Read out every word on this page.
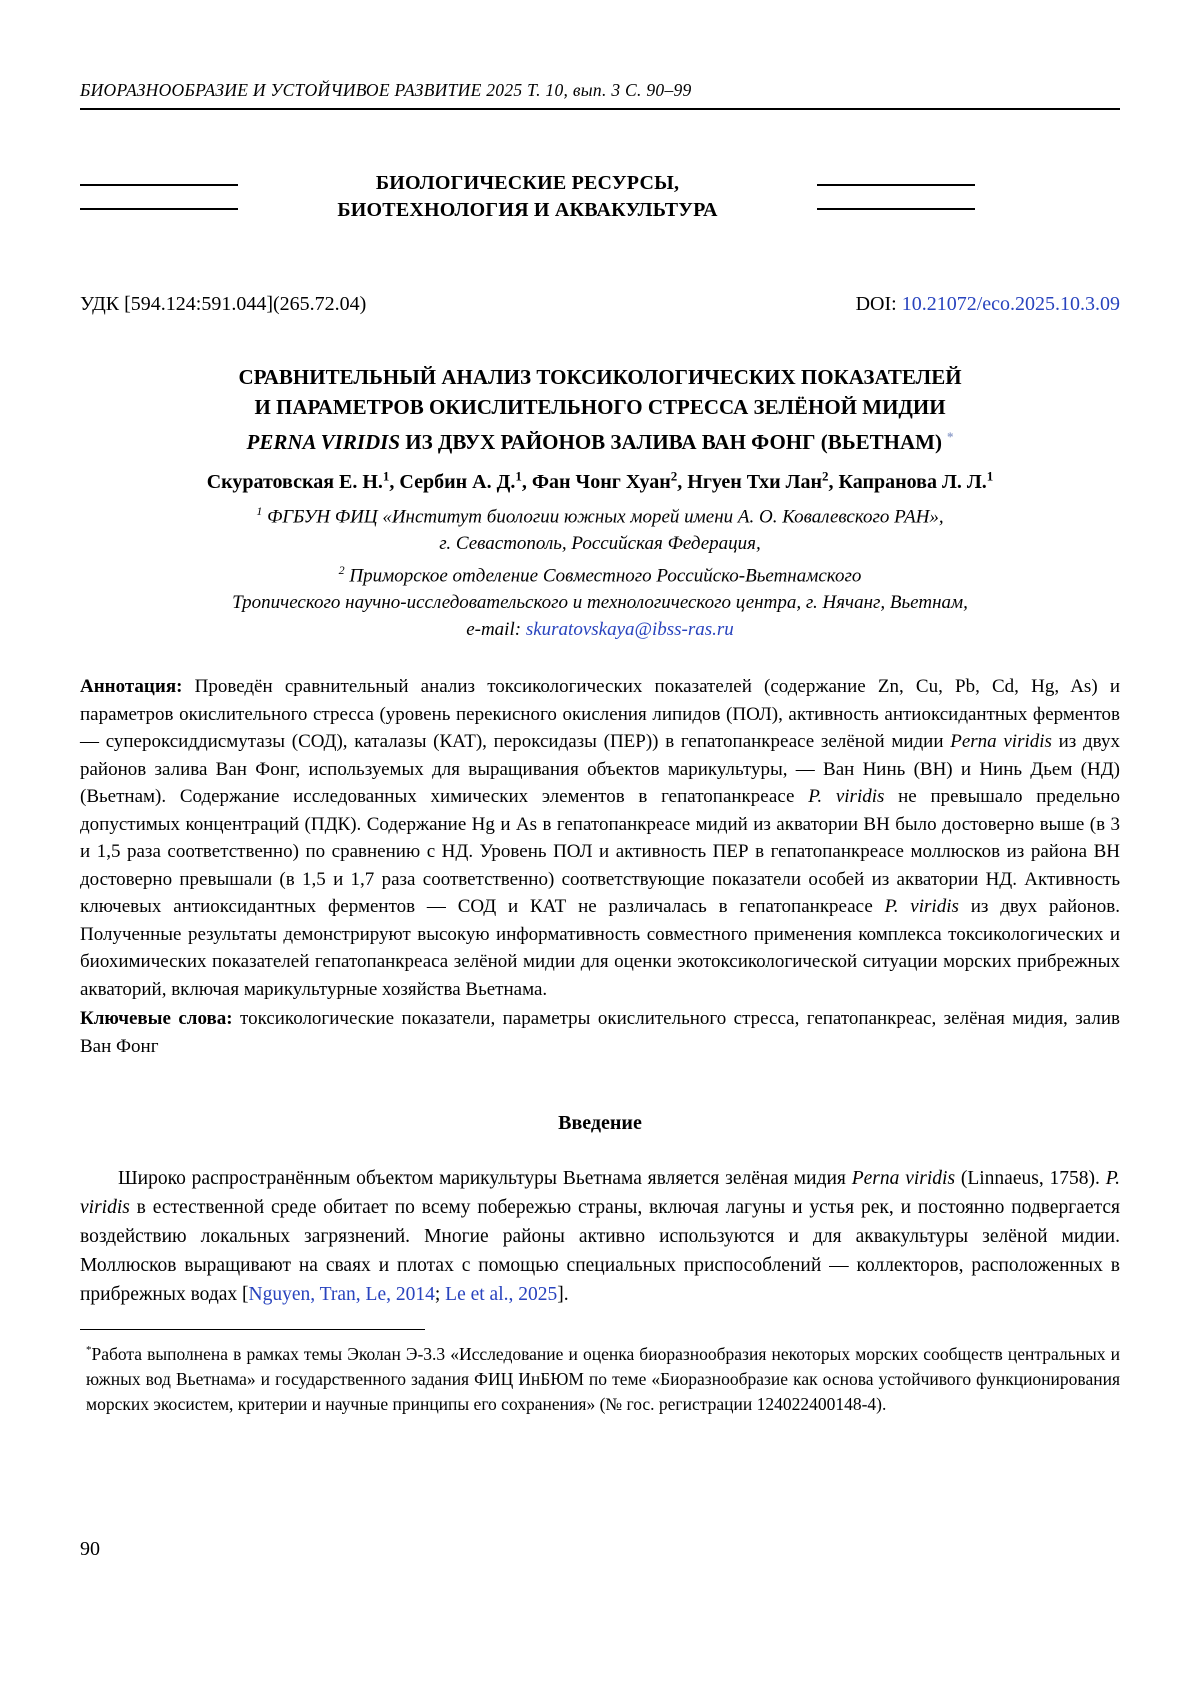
БИОРАЗНООБРАЗИЕ И УСТОЙЧИВОЕ РАЗВИТИЕ 2025 Т. 10, вып. 3 С. 90–99
БИОЛОГИЧЕСКИЕ РЕСУРСЫ,
БИОТЕХНОЛОГИЯ И АКВАКУЛЬТУРА
УДК [594.124:591.044](265.72.04)	DOI: 10.21072/eco.2025.10.3.09
СРАВНИТЕЛЬНЫЙ АНАЛИЗ ТОКСИКОЛОГИЧЕСКИХ ПОКАЗАТЕЛЕЙ
И ПАРАМЕТРОВ ОКИСЛИТЕЛЬНОГО СТРЕССА ЗЕЛЁНОЙ МИДИИ
PERNA VIRIDIS ИЗ ДВУХ РАЙОНОВ ЗАЛИВА ВАН ФОНГ (ВЬЕТНАМ) *
Скуратовская Е. Н.$^1$, Сербин А. Д.$^1$, Фан Чонг Хуан$^2$, Нгуен Тхи Лан$^2$, Капранова Л. Л.$^1$
$^1$ ФГБУН ФИЦ «Институт биологии южных морей имени А. О. Ковалевского РАН»,
г. Севастополь, Российская Федерация,
$^2$ Приморское отделение Совместного Российско-Вьетнамского
Тропического научно-исследовательского и технологического центра, г. Нячанг, Вьетнам,
e-mail: skuratovskaya@ibss-ras.ru

Аннотация: Проведён сравнительный анализ токсикологических показателей (содержание Zn, Cu, Pb, Cd, Hg, As) и параметров окислительного стресса (уровень перекисного окисления липидов (ПОЛ), активность антиоксидантных ферментов — супероксиддисмутазы (СОД), каталазы (КАТ), пероксидазы (ПЕР)) в гепатопанкреасе зелёной мидии Perna viridis из двух районов залива Ван Фонг, используемых для выращивания объектов марикультуры, — Ван Нинь (ВН) и Нинь Дьем (НД) (Вьетнам). Содержание исследованных химических элементов в гепатопанкреасе P. viridis не превышало предельно допустимых концентраций (ПДК). Содержание Hg и As в гепатопанкреасе мидий из акватории ВН было достоверно выше (в 3 и 1,5 раза соответственно) по сравнению с НД. Уровень ПОЛ и активность ПЕР в гепатопанкреасе моллюсков из района ВН достоверно превышали (в 1,5 и 1,7 раза соответственно) соответствующие показатели особей из акватории НД. Активность ключевых антиоксидантных ферментов — СОД и КАТ не различалась в гепатопанкреасе P. viridis из двух районов. Полученные результаты демонстрируют высокую информативность совместного применения комплекса токсикологических и биохимических показателей гепатопанкреаса зелёной мидии для оценки экотоксикологической ситуации морских прибрежных акваторий, включая марикультурные хозяйства Вьетнама.

Ключевые слова: токсикологические показатели, параметры окислительного стресса, гепатопанкреас, зелёная мидия, залив Ван Фонг

Введение

Широко распространённым объектом марикультуры Вьетнама является зелёная мидия Perna viridis (Linnaeus, 1758). P. viridis в естественной среде обитает по всему побережью страны, включая лагуны и устья рек, и постоянно подвергается воздействию локальных загрязнений. Многие районы активно используются и для аквакультуры зелёной мидии. Моллюсков выращивают на сваях и плотах с помощью специальных приспособлений — коллекторов, расположенных в прибрежных водах [Nguyen, Tran, Le, 2014; Le et al., 2025].

*Работа выполнена в рамках темы Эколан Э-3.3 «Исследование и оценка биоразнообразия некоторых морских сообществ центральных и южных вод Вьетнама» и государственного задания ФИЦ ИнБЮМ по теме «Биоразнообразие как основа устойчивого функционирования морских экосистем, критерии и научные принципы его сохранения» (№ гос. регистрации 124022400148-4).

90
